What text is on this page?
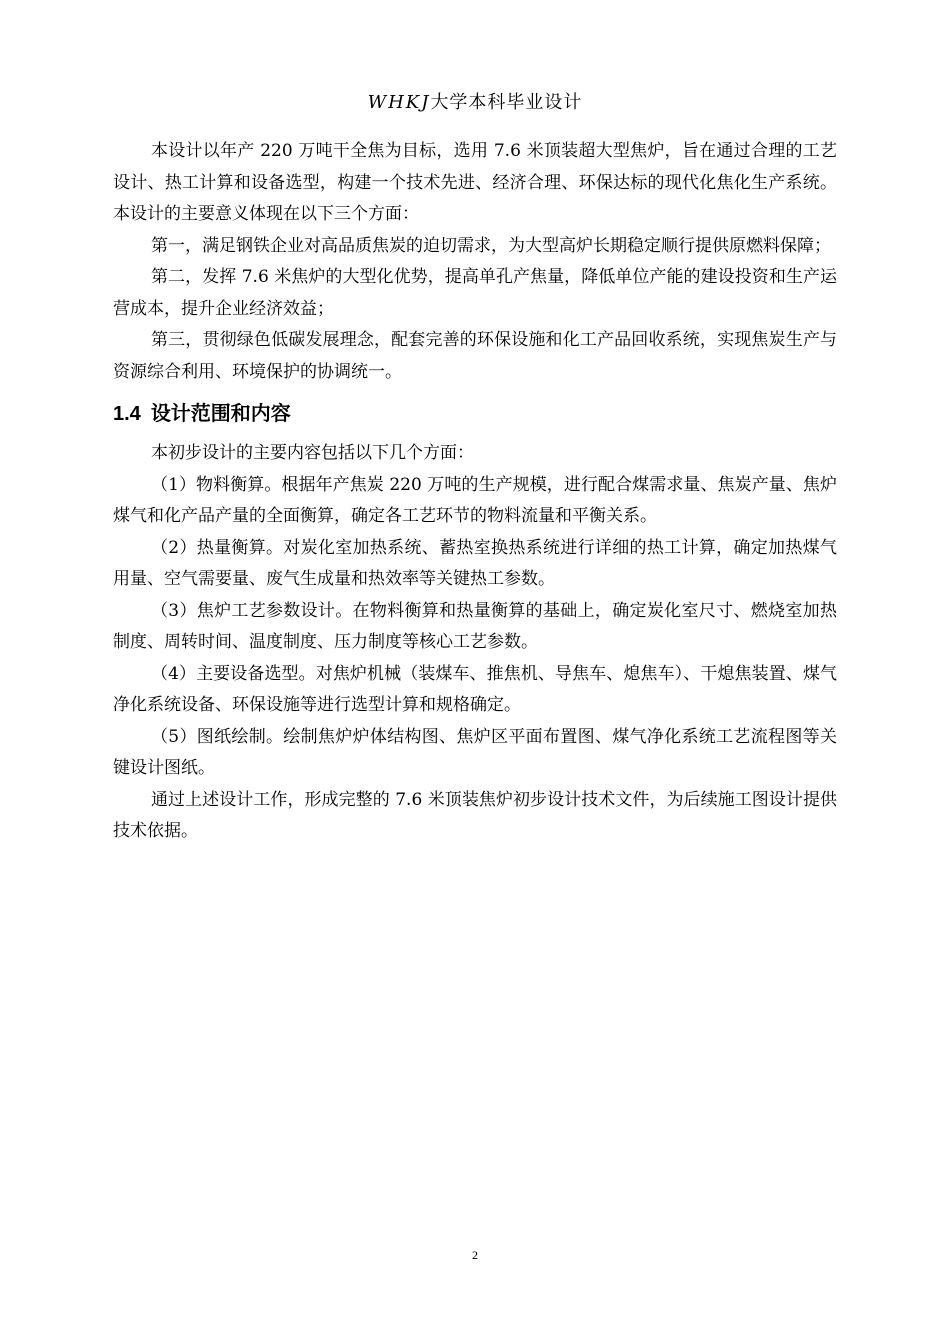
WHKJ大学本科毕业设计

本设计以年产 220 万吨干全焦为目标，选用 7.6 米顶装超大型焦炉，旨在通过合理的工艺设计、热工计算和设备选型，构建一个技术先进、经济合理、环保达标的现代化焦化生产系统。本设计的主要意义体现在以下三个方面：

第一，满足钢铁企业对高品质焦炭的迫切需求，为大型高炉长期稳定顺行提供原燃料保障；

第二，发挥 7.6 米焦炉的大型化优势，提高单孔产焦量，降低单位产能的建设投资和生产运营成本，提升企业经济效益；

第三，贯彻绿色低碳发展理念，配套完善的环保设施和化工产品回收系统，实现焦炭生产与资源综合利用、环境保护的协调统一。

1.4 设计范围和内容

本初步设计的主要内容包括以下几个方面：

（1）物料衡算。根据年产焦炭 220 万吨的生产规模，进行配合煤需求量、焦炭产量、焦炉煤气和化产品产量的全面衡算，确定各工艺环节的物料流量和平衡关系。

（2）热量衡算。对炭化室加热系统、蓄热室换热系统进行详细的热工计算，确定加热煤气用量、空气需要量、废气生成量和热效率等关键热工参数。

（3）焦炉工艺参数设计。在物料衡算和热量衡算的基础上，确定炭化室尺寸、燃烧室加热制度、周转时间、温度制度、压力制度等核心工艺参数。

（4）主要设备选型。对焦炉机械（装煤车、推焦机、导焦车、熄焦车）、干熄焦装置、煤气净化系统设备、环保设施等进行选型计算和规格确定。

（5）图纸绘制。绘制焦炉炉体结构图、焦炉区平面布置图、煤气净化系统工艺流程图等关键设计图纸。

通过上述设计工作，形成完整的 7.6 米顶装焦炉初步设计技术文件，为后续施工图设计提供技术依据。

2
